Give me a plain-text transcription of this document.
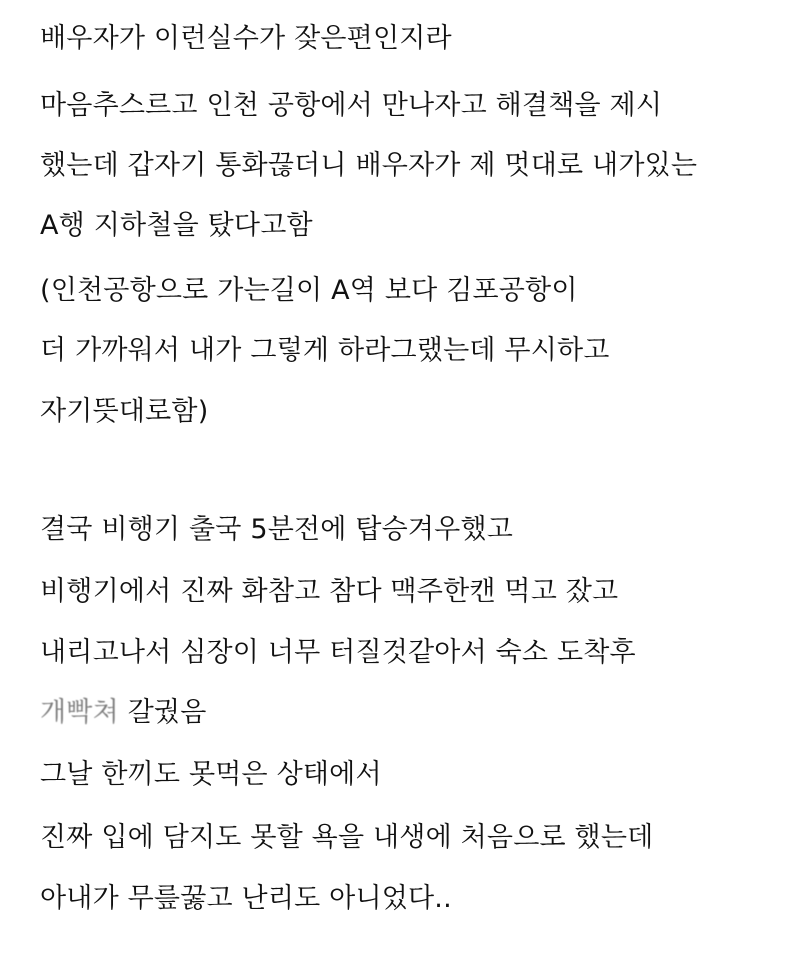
배우자가 이런실수가 잦은편인지라
마음추스르고 인천 공항에서 만나자고 해결책을 제시
했는데 갑자기 통화끊더니 배우자가 제 멋대로 내가있는
A행 지하철을 탔다고함
(인천공항으로 가는길이 A역 보다 김포공항이
더 가까워서 내가 그렇게 하라그랬는데 무시하고
자기뜻대로함)
결국 비행기 출국 5분전에 탑승겨우했고
비행기에서 진짜 화참고 참다 맥주한캔 먹고 잤고
내리고나서 심장이 너무 터질것같아서 숙소 도착후
개빡쳐 갈궜음
그날 한끼도 못먹은 상태에서
진짜 입에 담지도 못할 욕을 내생에 처음으로 했는데
아내가 무릎꿇고 난리도 아니었다..
